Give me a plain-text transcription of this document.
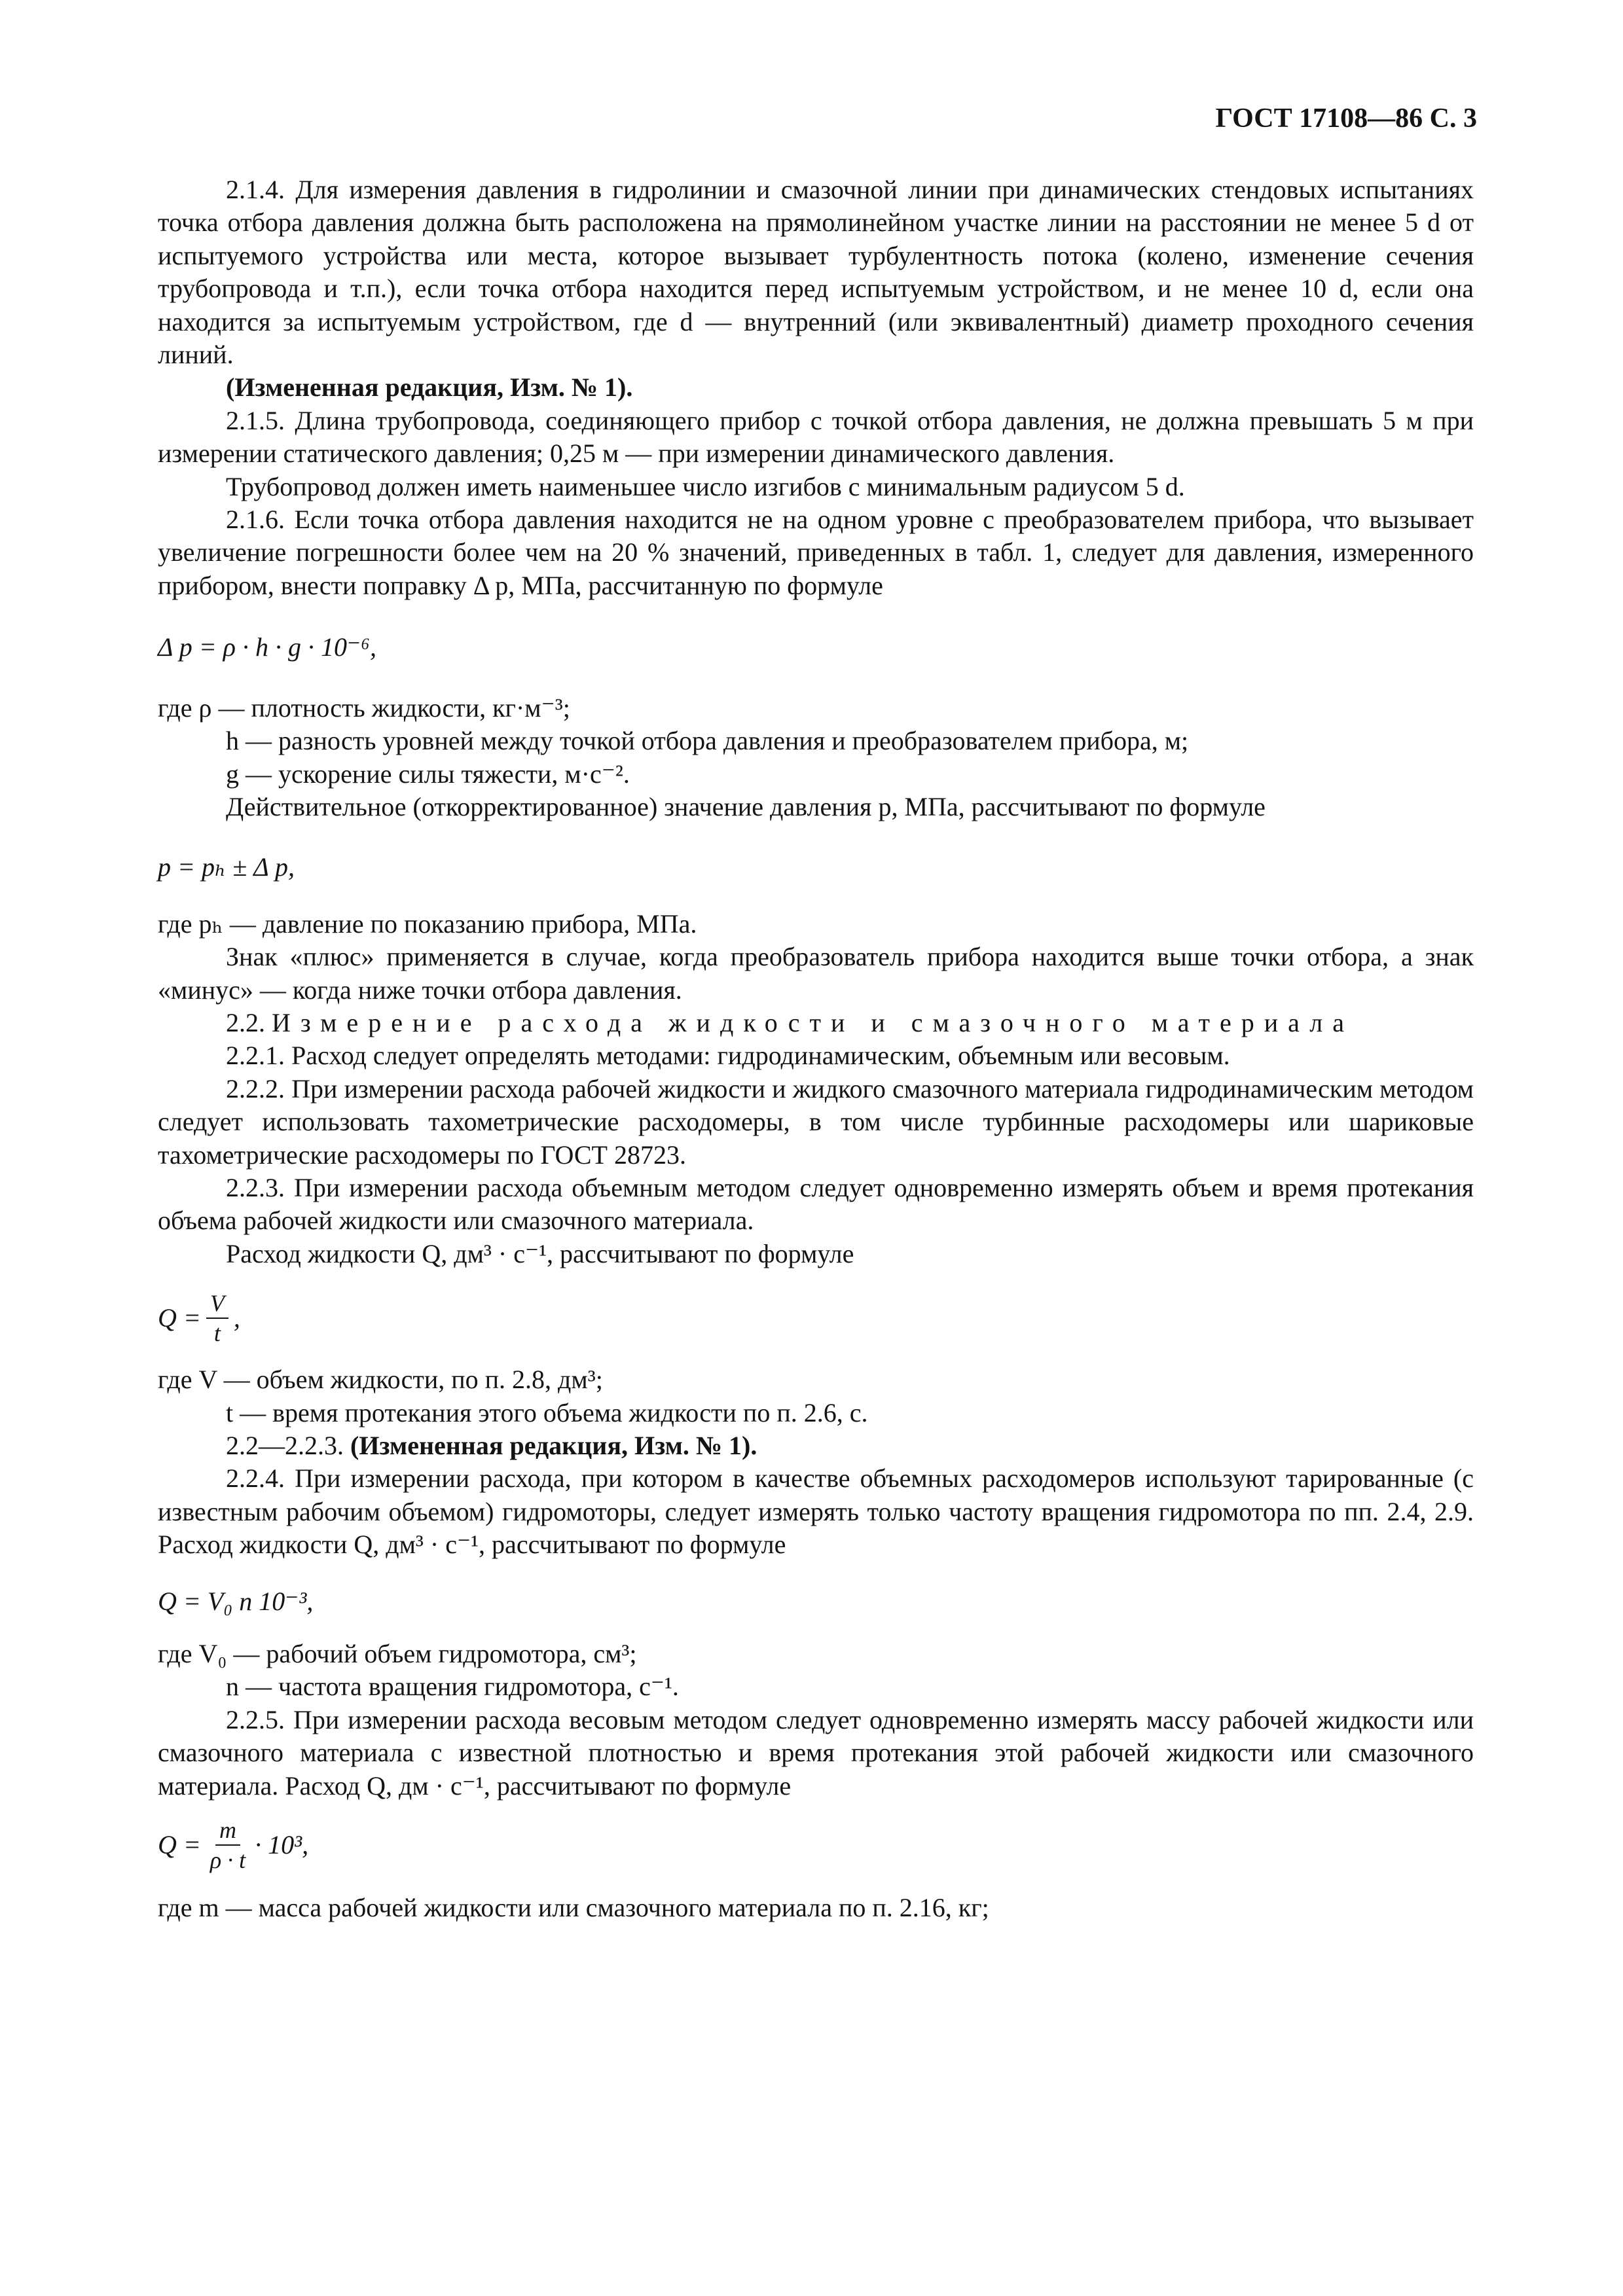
ГОСТ 17108—86 С. 3

2.1.4. Для измерения давления в гидролинии и смазочной линии при динамических стендовых испытаниях точка отбора давления должна быть расположена на прямолинейном участке линии на расстоянии не менее 5 d от испытуемого устройства или места, которое вызывает турбулентность потока (колено, изменение сечения трубопровода и т.п.), если точка отбора находится перед испытуемым устройством, и не менее 10 d, если она находится за испытуемым устройством, где d — внутренний (или эквивалентный) диаметр проходного сечения линий.

(Измененная редакция, Изм. № 1).

2.1.5. Длина трубопровода, соединяющего прибор с точкой отбора давления, не должна превышать 5 м при измерении статического давления; 0,25 м — при измерении динамического давления.

Трубопровод должен иметь наименьшее число изгибов с минимальным радиусом 5 d.

2.1.6. Если точка отбора давления находится не на одном уровне с преобразователем прибора, что вызывает увеличение погрешности более чем на 20 % значений, приведенных в табл. 1, следует для давления, измеренного прибором, внести поправку Δ p, МПа, рассчитанную по формуле

Δ p = ρ · h · g · 10⁻⁶,

где ρ — плотность жидкости, кг·м⁻³;

h — разность уровней между точкой отбора давления и преобразователем прибора, м;

g — ускорение силы тяжести, м·с⁻².

Действительное (откорректированное) значение давления p, МПа, рассчитывают по формуле

p = pₕ ± Δ p,

где pₕ — давление по показанию прибора, МПа.

Знак «плюс» применяется в случае, когда преобразователь прибора находится выше точки отбора, а знак «минус» — когда ниже точки отбора давления.

2.2. Измерение расхода жидкости и смазочного материала

2.2.1. Расход следует определять методами: гидродинамическим, объемным или весовым.

2.2.2. При измерении расхода рабочей жидкости и жидкого смазочного материала гидродинамическим методом следует использовать тахометрические расходомеры, в том числе турбинные расходомеры или шариковые тахометрические расходомеры по ГОСТ 28723.

2.2.3. При измерении расхода объемным методом следует одновременно измерять объем и время протекания объема рабочей жидкости или смазочного материала.

Расход жидкости Q, дм³ · с⁻¹, рассчитывают по формуле

$Q = \frac{V}{t}$ ,

где V — объем жидкости, по п. 2.8, дм³;

t — время протекания этого объема жидкости по п. 2.6, с.

2.2—2.2.3. (Измененная редакция, Изм. № 1).

2.2.4. При измерении расхода, при котором в качестве объемных расходомеров используют тарированные (с известным рабочим объемом) гидромоторы, следует измерять только частоту вращения гидромотора по пп. 2.4, 2.9. Расход жидкости Q, дм³ · с⁻¹, рассчитывают по формуле

Q = V₀ n 10⁻³,

где V₀ — рабочий объем гидромотора, см³;

n — частота вращения гидромотора, с⁻¹.

2.2.5. При измерении расхода весовым методом следует одновременно измерять массу рабочей жидкости или смазочного материала с известной плотностью и время протекания этой рабочей жидкости или смазочного материала. Расход Q, дм · с⁻¹, рассчитывают по формуле

$Q = \frac{m}{\rho \cdot t} \cdot 10^3$,

где m — масса рабочей жидкости или смазочного материала по п. 2.16, кг;
